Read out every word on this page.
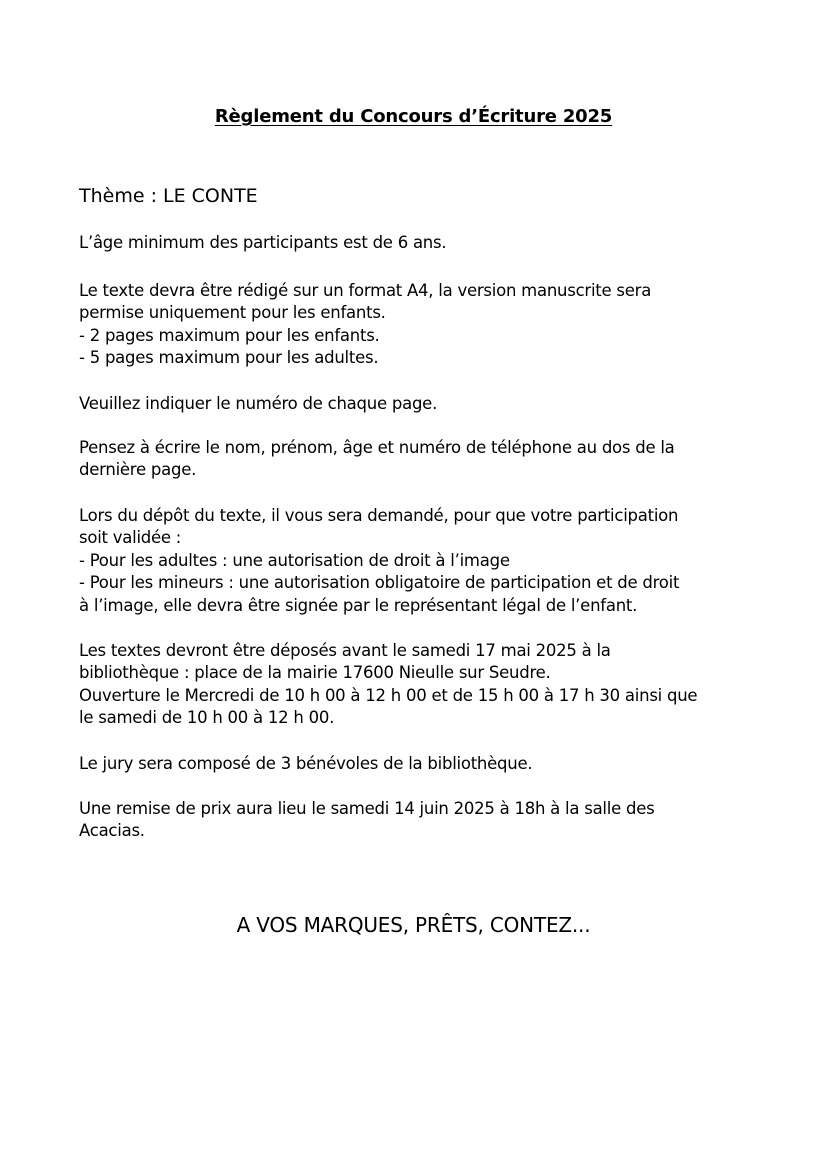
Règlement du Concours d’Écriture 2025
Thème : LE CONTE

L’âge minimum des participants est de 6 ans.

Le texte devra être rédigé sur un format A4, la version manuscrite sera

permise uniquement pour les enfants.

- 2 pages maximum pour les enfants.

- 5 pages maximum pour les adultes.

Veuillez indiquer le numéro de chaque page.

Pensez à écrire le nom, prénom, âge et numéro de téléphone au dos de la

dernière page.

Lors du dépôt du texte, il vous sera demandé, pour que votre participation

soit validée :

- Pour les adultes : une autorisation de droit à l’image

- Pour les mineurs : une autorisation obligatoire de participation et de droit

à l’image, elle devra être signée par le représentant légal de l’enfant.

Les textes devront être déposés avant le samedi 17 mai 2025 à la

bibliothèque : place de la mairie 17600 Nieulle sur Seudre.

Ouverture le Mercredi de 10 h 00 à 12 h 00 et de 15 h 00 à 17 h 30 ainsi que

le samedi de 10 h 00 à 12 h 00.

Le jury sera composé de 3 bénévoles de la bibliothèque.

Une remise de prix aura lieu le samedi 14 juin 2025 à 18h à la salle des

Acacias.

A VOS MARQUES, PRÊTS, CONTEZ...
